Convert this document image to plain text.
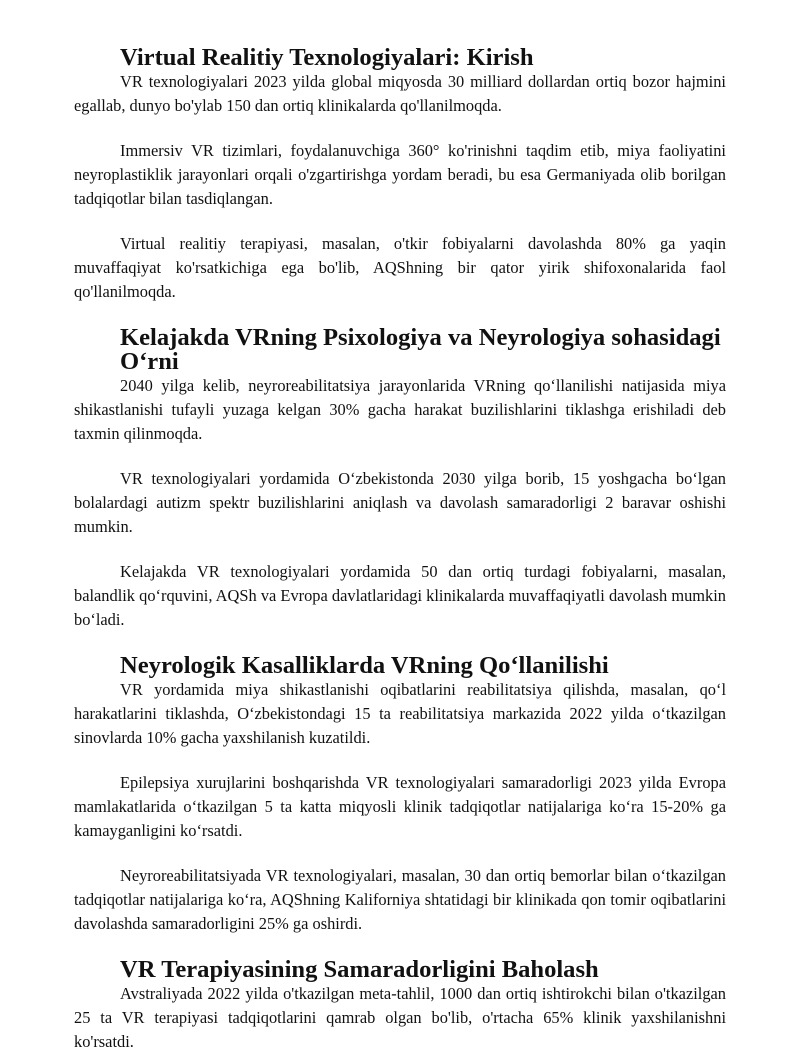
Virtual Realitiy Texnologiyalari: Kirish

VR texnologiyalari 2023 yilda global miqyosda 30 milliard dollardan ortiq bozor hajmini egallab, dunyo bo'ylab 150 dan ortiq klinikalarda qo'llanilmoqda.

Immersiv VR tizimlari, foydalanuvchiga 360° ko'rinishni taqdim etib, miya faoliyatini neyroplastiklik jarayonlari orqali o'zgartirishga yordam beradi, bu esa Germaniyada olib borilgan tadqiqotlar bilan tasdiqlangan.

Virtual realitiy terapiyasi, masalan, o'tkir fobiyalarni davolashda 80% ga yaqin muvaffaqiyat ko'rsatkichiga ega bo'lib, AQShning bir qator yirik shifoxonalarida faol qo'llanilmoqda.

Kelajakda VRning Psixologiya va Neyrologiya sohasidagi O‘rni

2040 yilga kelib, neyroreabilitatsiya jarayonlarida VRning qo‘llanilishi natijasida miya shikastlanishi tufayli yuzaga kelgan 30% gacha harakat buzilishlarini tiklashga erishiladi deb taxmin qilinmoqda.

VR texnologiyalari yordamida O‘zbekistonda 2030 yilga borib, 15 yoshgacha bo‘lgan bolalardagi autizm spektr buzilishlarini aniqlash va davolash samaradorligi 2 baravar oshishi mumkin.

Kelajakda VR texnologiyalari yordamida 50 dan ortiq turdagi fobiyalarni, masalan, balandlik qo‘rquvini, AQSh va Evropa davlatlaridagi klinikalarda muvaffaqiyatli davolash mumkin bo‘ladi.

Neyrologik Kasalliklarda VRning Qo‘llanilishi

VR yordamida miya shikastlanishi oqibatlarini reabilitatsiya qilishda, masalan, qo‘l harakatlarini tiklashda, O‘zbekistondagi 15 ta reabilitatsiya markazida 2022 yilda o‘tkazilgan sinovlarda 10% gacha yaxshilanish kuzatildi.

Epilepsiya xurujlarini boshqarishda VR texnologiyalari samaradorligi 2023 yilda Evropa mamlakatlarida o‘tkazilgan 5 ta katta miqyosli klinik tadqiqotlar natijalariga ko‘ra 15-20% ga kamayganligini ko‘rsatdi.

Neyroreabilitatsiyada VR texnologiyalari, masalan, 30 dan ortiq bemorlar bilan o‘tkazilgan tadqiqotlar natijalariga ko‘ra, AQShning Kaliforniya shtatidagi bir klinikada qon tomir oqibatlarini davolashda samaradorligini 25% ga oshirdi.

VR Terapiyasining Samaradorligini Baholash

Avstraliyada 2022 yilda o'tkazilgan meta-tahlil, 1000 dan ortiq ishtirokchi bilan o'tkazilgan 25 ta VR terapiyasi tadqiqotlarini qamrab olgan bo'lib, o'rtacha 65% klinik yaxshilanishni ko'rsatdi.
